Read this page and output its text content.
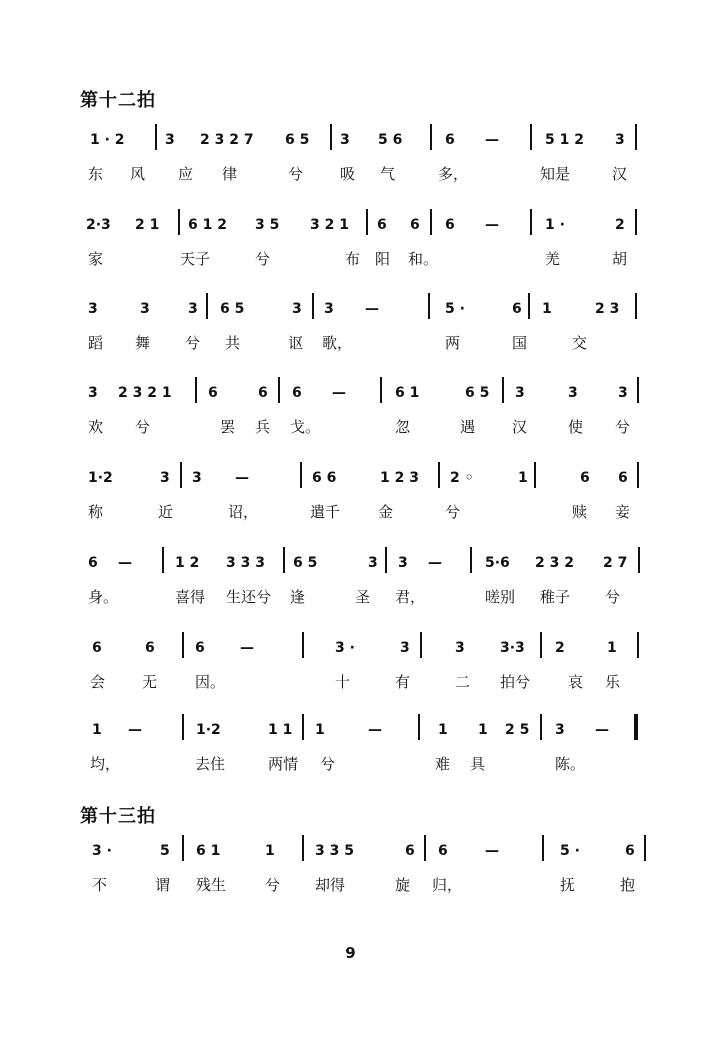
第十二拍
1 · 2	3 2 3 2 7 6 5 3 5 6	6 —	5 1 2 3
东 风 应 律	兮 吸 气	多，	知是	汉
2·3 2 1 6 1 2 3 5 3 2 1 6 6 6 —	1 ·	2
家	天子	兮	布 阳 和。	羌	胡
3	3	3 6 5	3 3 —	5 ·	6 1	2 3
蹈 舞 兮 共	讴 歌，	两	国	交
3 2 3 2 1	6	6 6 —	6 1	6 5 3	3	3
欢 兮	罢 兵 戈。	忽	遇 汉	使 兮
1·2	3 3 —	6 6	1 2 3 2 ◦	1	6 6
称	近	诏，	遣千	金	兮	赎 妾
6 —	1 2 3 3 3 6 5	3 3 —	5·6 2 3 2 2 7
身。	喜得 生还兮 逢	圣 君，	嗟别 稚子 兮
6	6	6	—	3 ·	3	3	3·3 2	1
会 无	因。	十	有	二 拍兮	哀 乐
1 —	1·2	1 1 1	—	1 1 2 5 3 —
均，	去住	两情 兮	难 具	陈。
第十三拍
3 ·	5 6 1	1	3 3 5	6 6	—	5 ·	6
不	谓 残生	兮 却得	旋 归，	抚	抱
9
